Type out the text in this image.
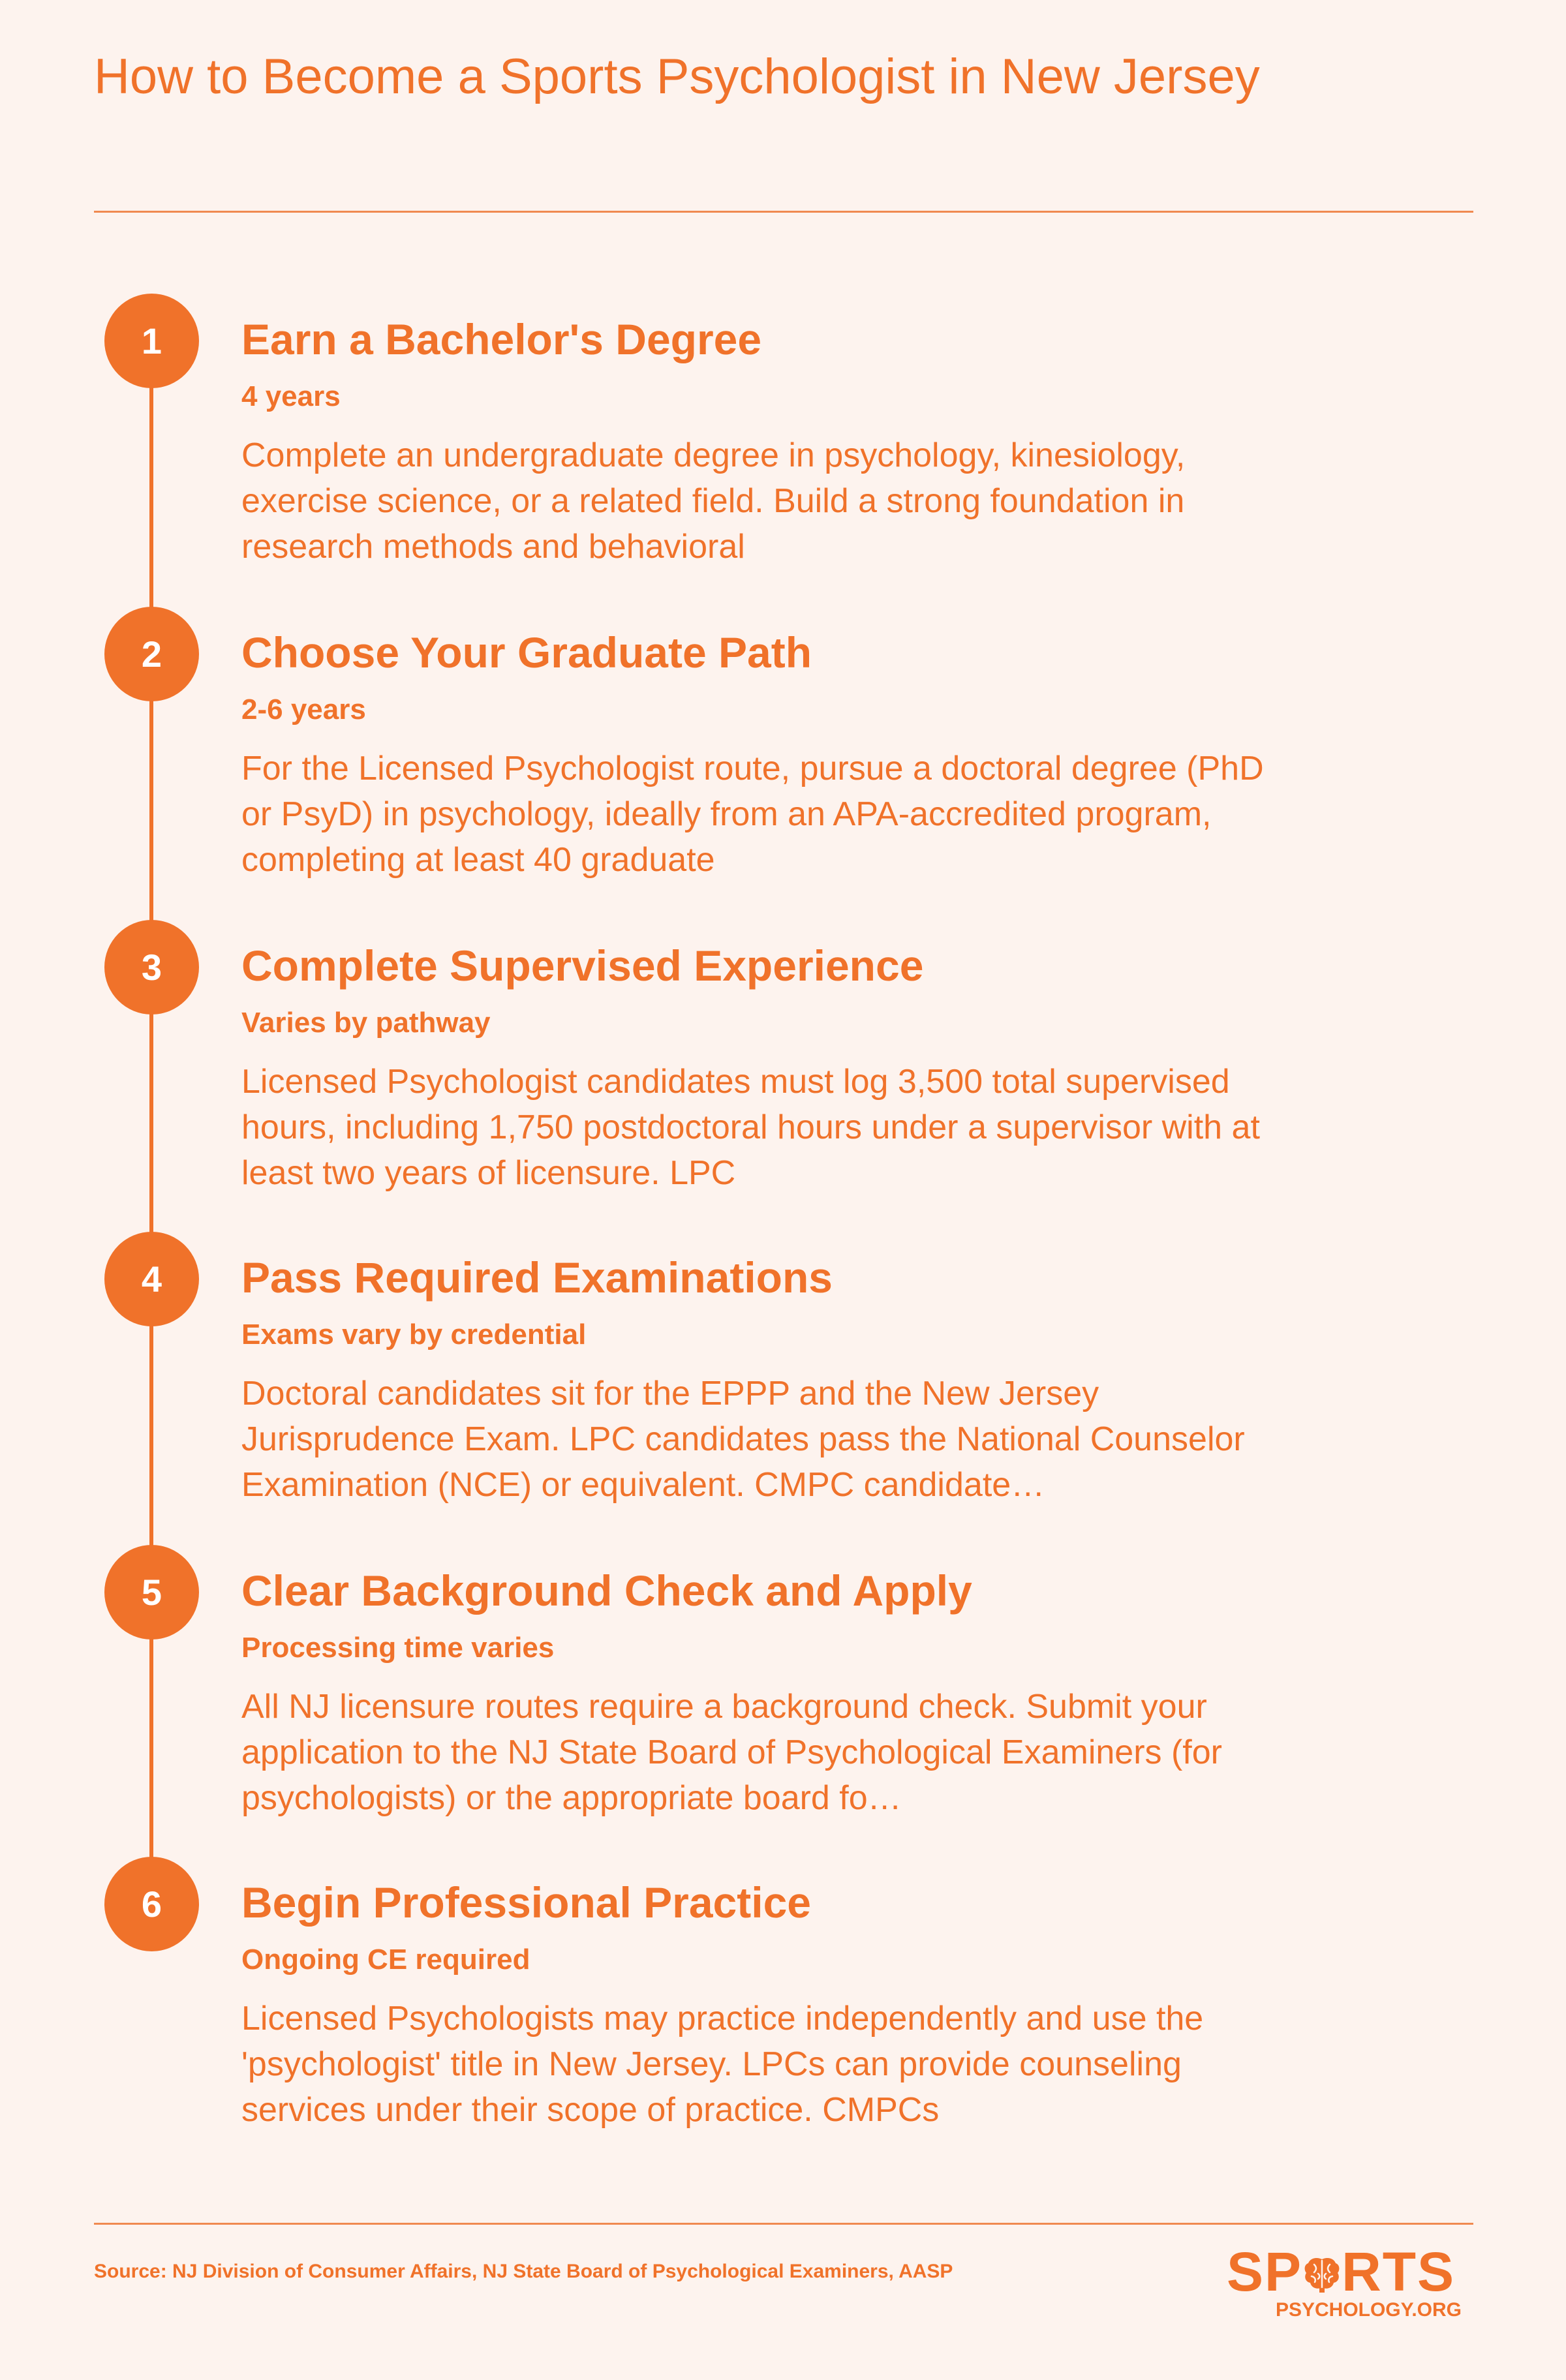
How to Become a Sports Psychologist in New Jersey
1	Earn a Bachelor's Degree
4 years

Complete an undergraduate degree in psychology, kinesiology, exercise science, or a related field. Build a strong foundation in research methods and behavioral

2	Choose Your Graduate Path
2-6 years

For the Licensed Psychologist route, pursue a doctoral degree (PhD or PsyD) in psychology, ideally from an APA-accredited program, completing at least 40 graduate

3	Complete Supervised Experience
Varies by pathway

Licensed Psychologist candidates must log 3,500 total supervised hours, including 1,750 postdoctoral hours under a supervisor with at least two years of licensure. LPC

4	Pass Required Examinations
Exams vary by credential

Doctoral candidates sit for the EPPP and the New Jersey Jurisprudence Exam. LPC candidates pass the National Counselor Examination (NCE) or equivalent. CMPC candidate…

5	Clear Background Check and Apply
Processing time varies

All NJ licensure routes require a background check. Submit your application to the NJ State Board of Psychological Examiners (for psychologists) or the appropriate board fo…

6	Begin Professional Practice
Ongoing CE required

Licensed Psychologists may practice independently and use the 'psychologist' title in New Jersey. LPCs can provide counseling services under their scope of practice. CMPCs

Source: NJ Division of Consumer Affairs, NJ State Board of Psychological Examiners, AASP	SP RTS
PSYCHOLOGY.ORG
